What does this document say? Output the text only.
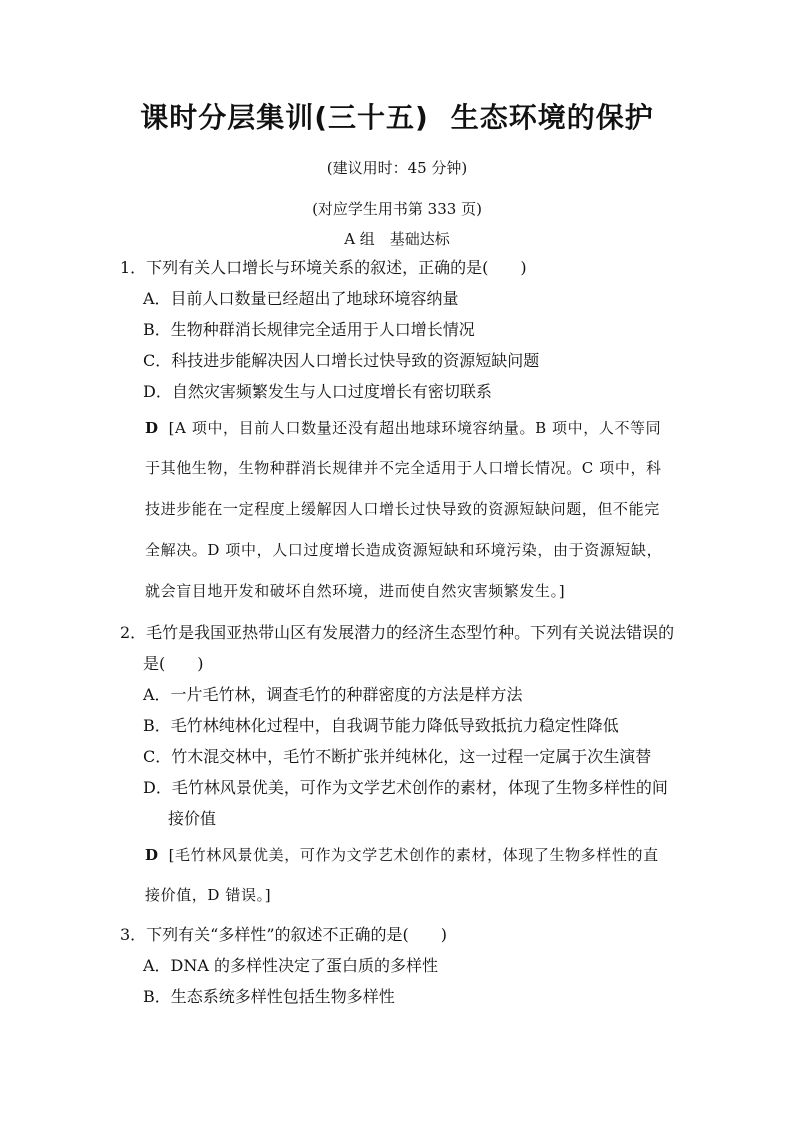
课时分层集训(三十五) 生态环境的保护
(建议用时：45 分钟)
(对应学生用书第 333 页)
A 组　基础达标
1．下列有关人口增长与环境关系的叙述，正确的是(　　)
A．目前人口数量已经超出了地球环境容纳量
B．生物种群消长规律完全适用于人口增长情况
C．科技进步能解决因人口增长过快导致的资源短缺问题
D．自然灾害频繁发生与人口过度增长有密切联系
D [A 项中，目前人口数量还没有超出地球环境容纳量。B 项中，人不等同
于其他生物，生物种群消长规律并不完全适用于人口增长情况。C 项中，科
技进步能在一定程度上缓解因人口增长过快导致的资源短缺问题，但不能完
全解决。D 项中，人口过度增长造成资源短缺和环境污染，由于资源短缺，
就会盲目地开发和破坏自然环境，进而使自然灾害频繁发生。]
2．毛竹是我国亚热带山区有发展潜力的经济生态型竹种。下列有关说法错误的
是(　　)
A．一片毛竹林，调查毛竹的种群密度的方法是样方法
B．毛竹林纯林化过程中，自我调节能力降低导致抵抗力稳定性降低
C．竹木混交林中，毛竹不断扩张并纯林化，这一过程一定属于次生演替
D．毛竹林风景优美，可作为文学艺术创作的素材，体现了生物多样性的间
接价值
D [毛竹林风景优美，可作为文学艺术创作的素材，体现了生物多样性的直
接价值，D 错误。]
3．下列有关“多样性”的叙述不正确的是(　　)
A．DNA 的多样性决定了蛋白质的多样性
B．生态系统多样性包括生物多样性
